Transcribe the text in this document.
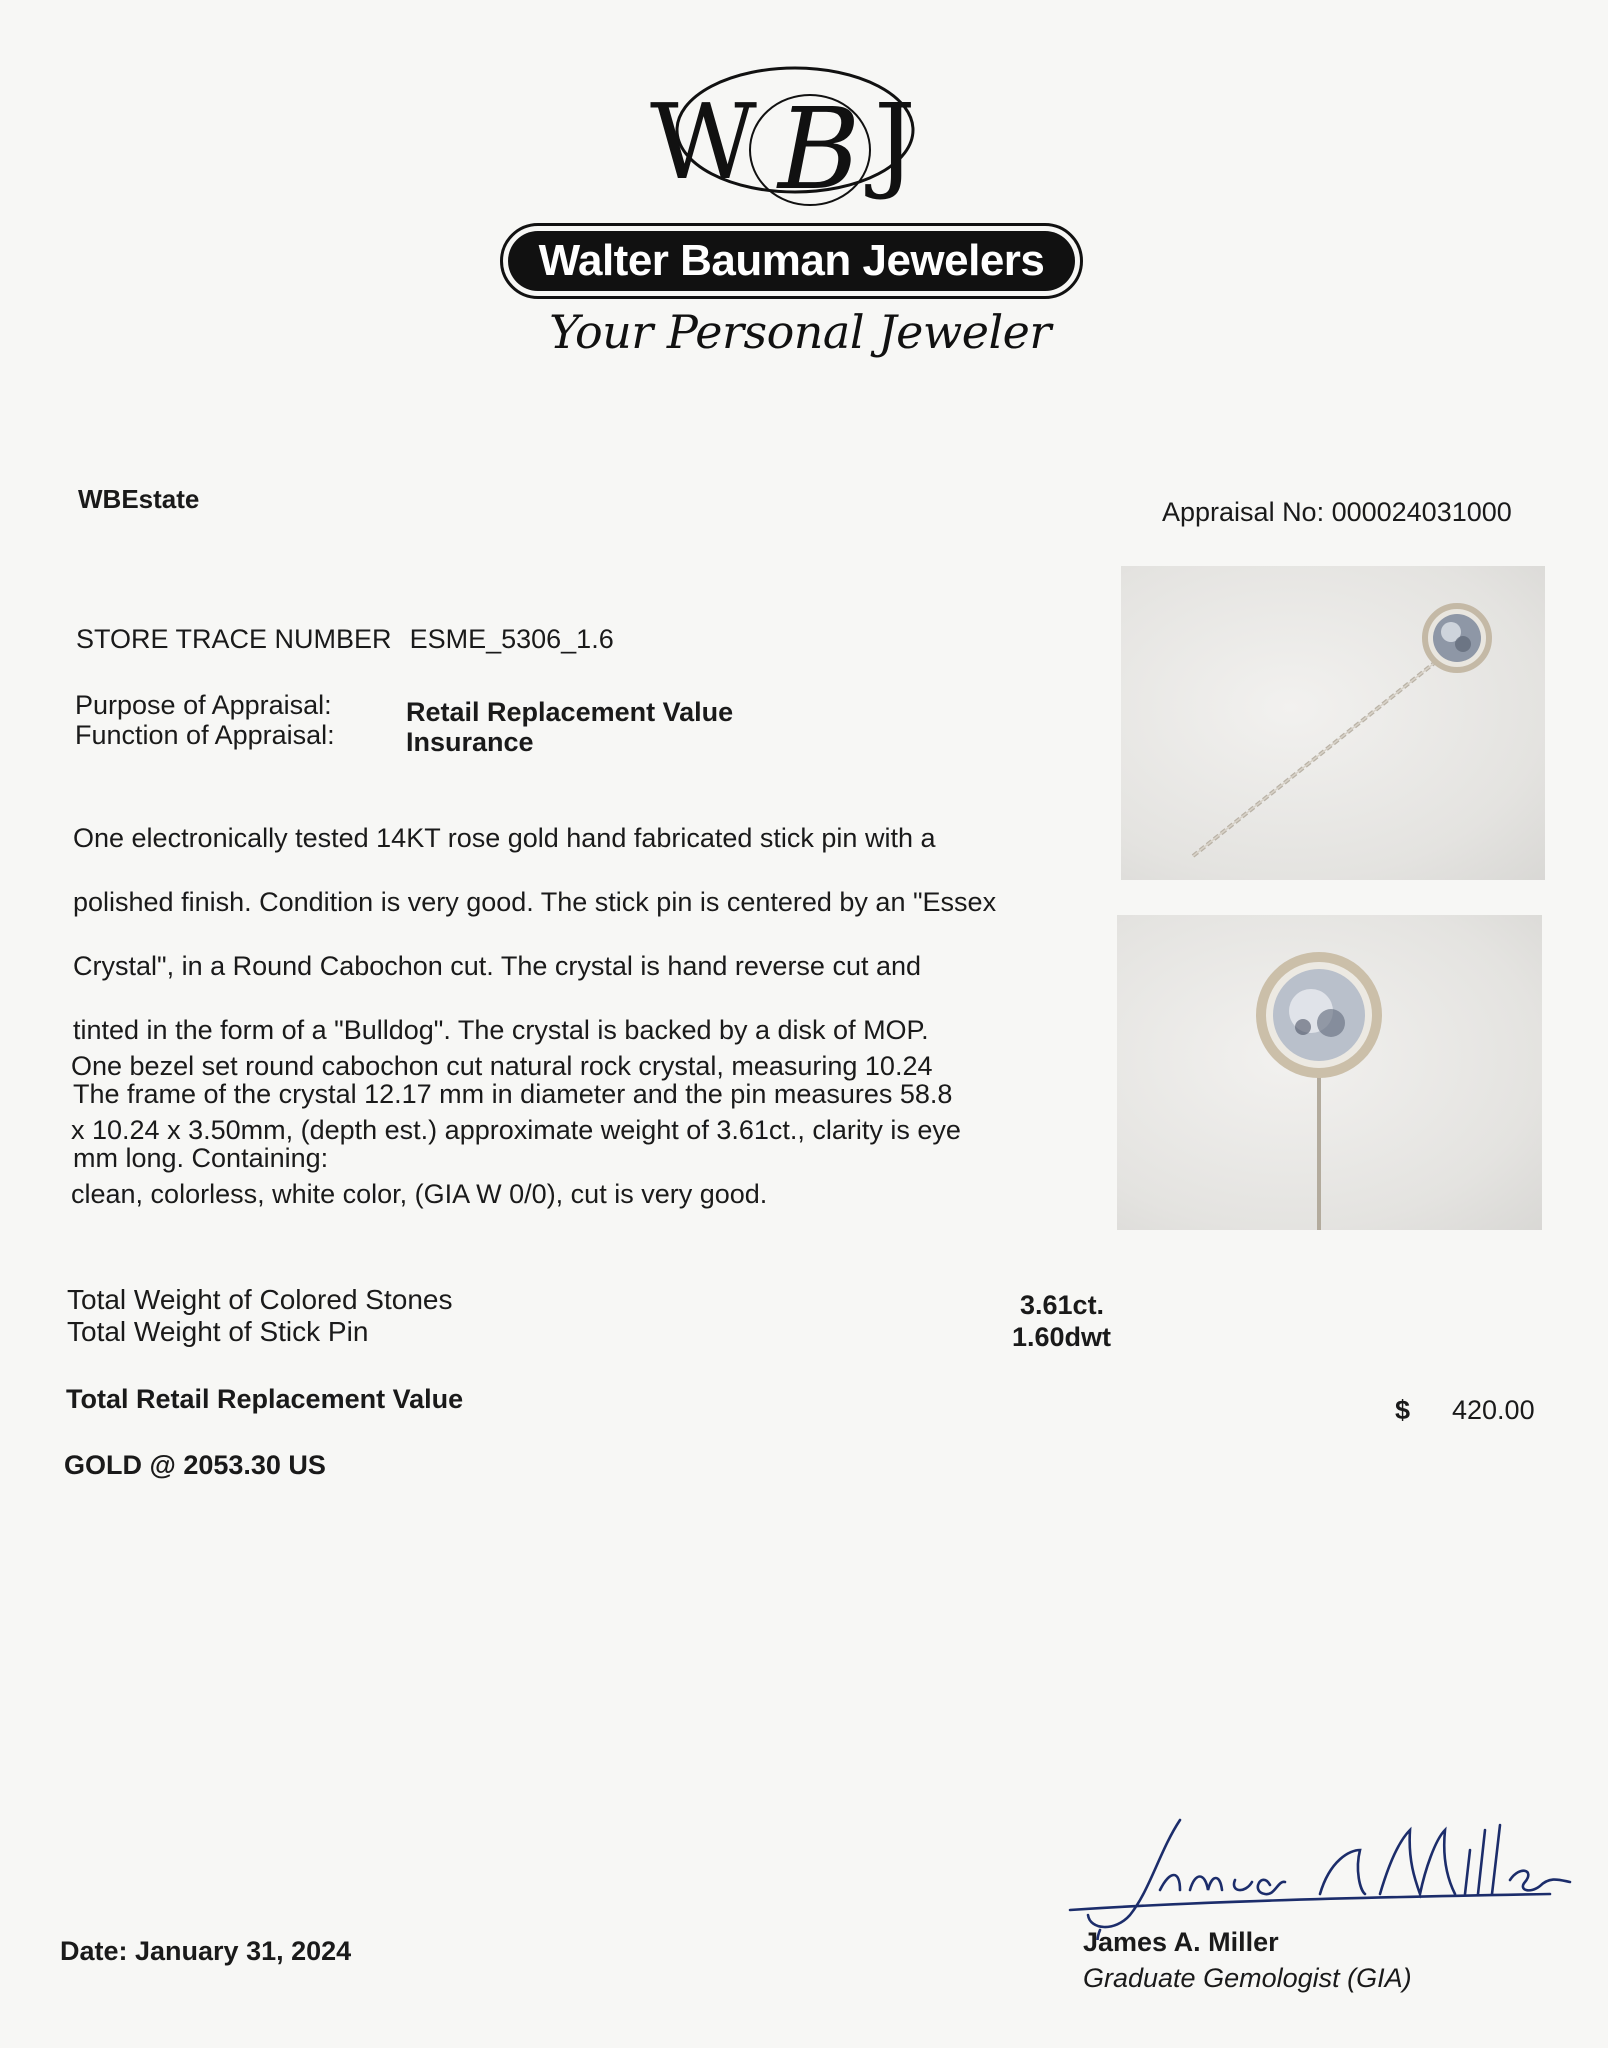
W B J
Walter Bauman Jewelers
Your Personal Jeweler
WBEstate	Appraisal No: 000024031000
STORE TRACE NUMBER ESME_5306_1.6
Purpose of Appraisal:	Retail Replacement Value
Function of Appraisal:	Insurance

One electronically tested 14KT rose gold hand fabricated stick pin with a

polished finish. Condition is very good. The stick pin is centered by an "Essex

Crystal", in a Round Cabochon cut. The crystal is hand reverse cut and

tinted in the form of a "Bulldog". The crystal is backed by a disk of MOP.

The frame of the crystal 12.17 mm in diameter and the pin measures 58.8

mm long. Containing:

One bezel set round cabochon cut natural rock crystal, measuring 10.24

x 10.24 x 3.50mm, (depth est.) approximate weight of 3.61ct., clarity is eye

clean, colorless, white color, (GIA W 0/0), cut is very good.

Total Weight of Colored Stones	3.61ct.
Total Weight of Stick Pin	1.60dwt
Total Retail Replacement Value	$ 420.00
GOLD @ 2053.30 US
Date: January 31, 2024	James A. Miller
Graduate Gemologist (GIA)
